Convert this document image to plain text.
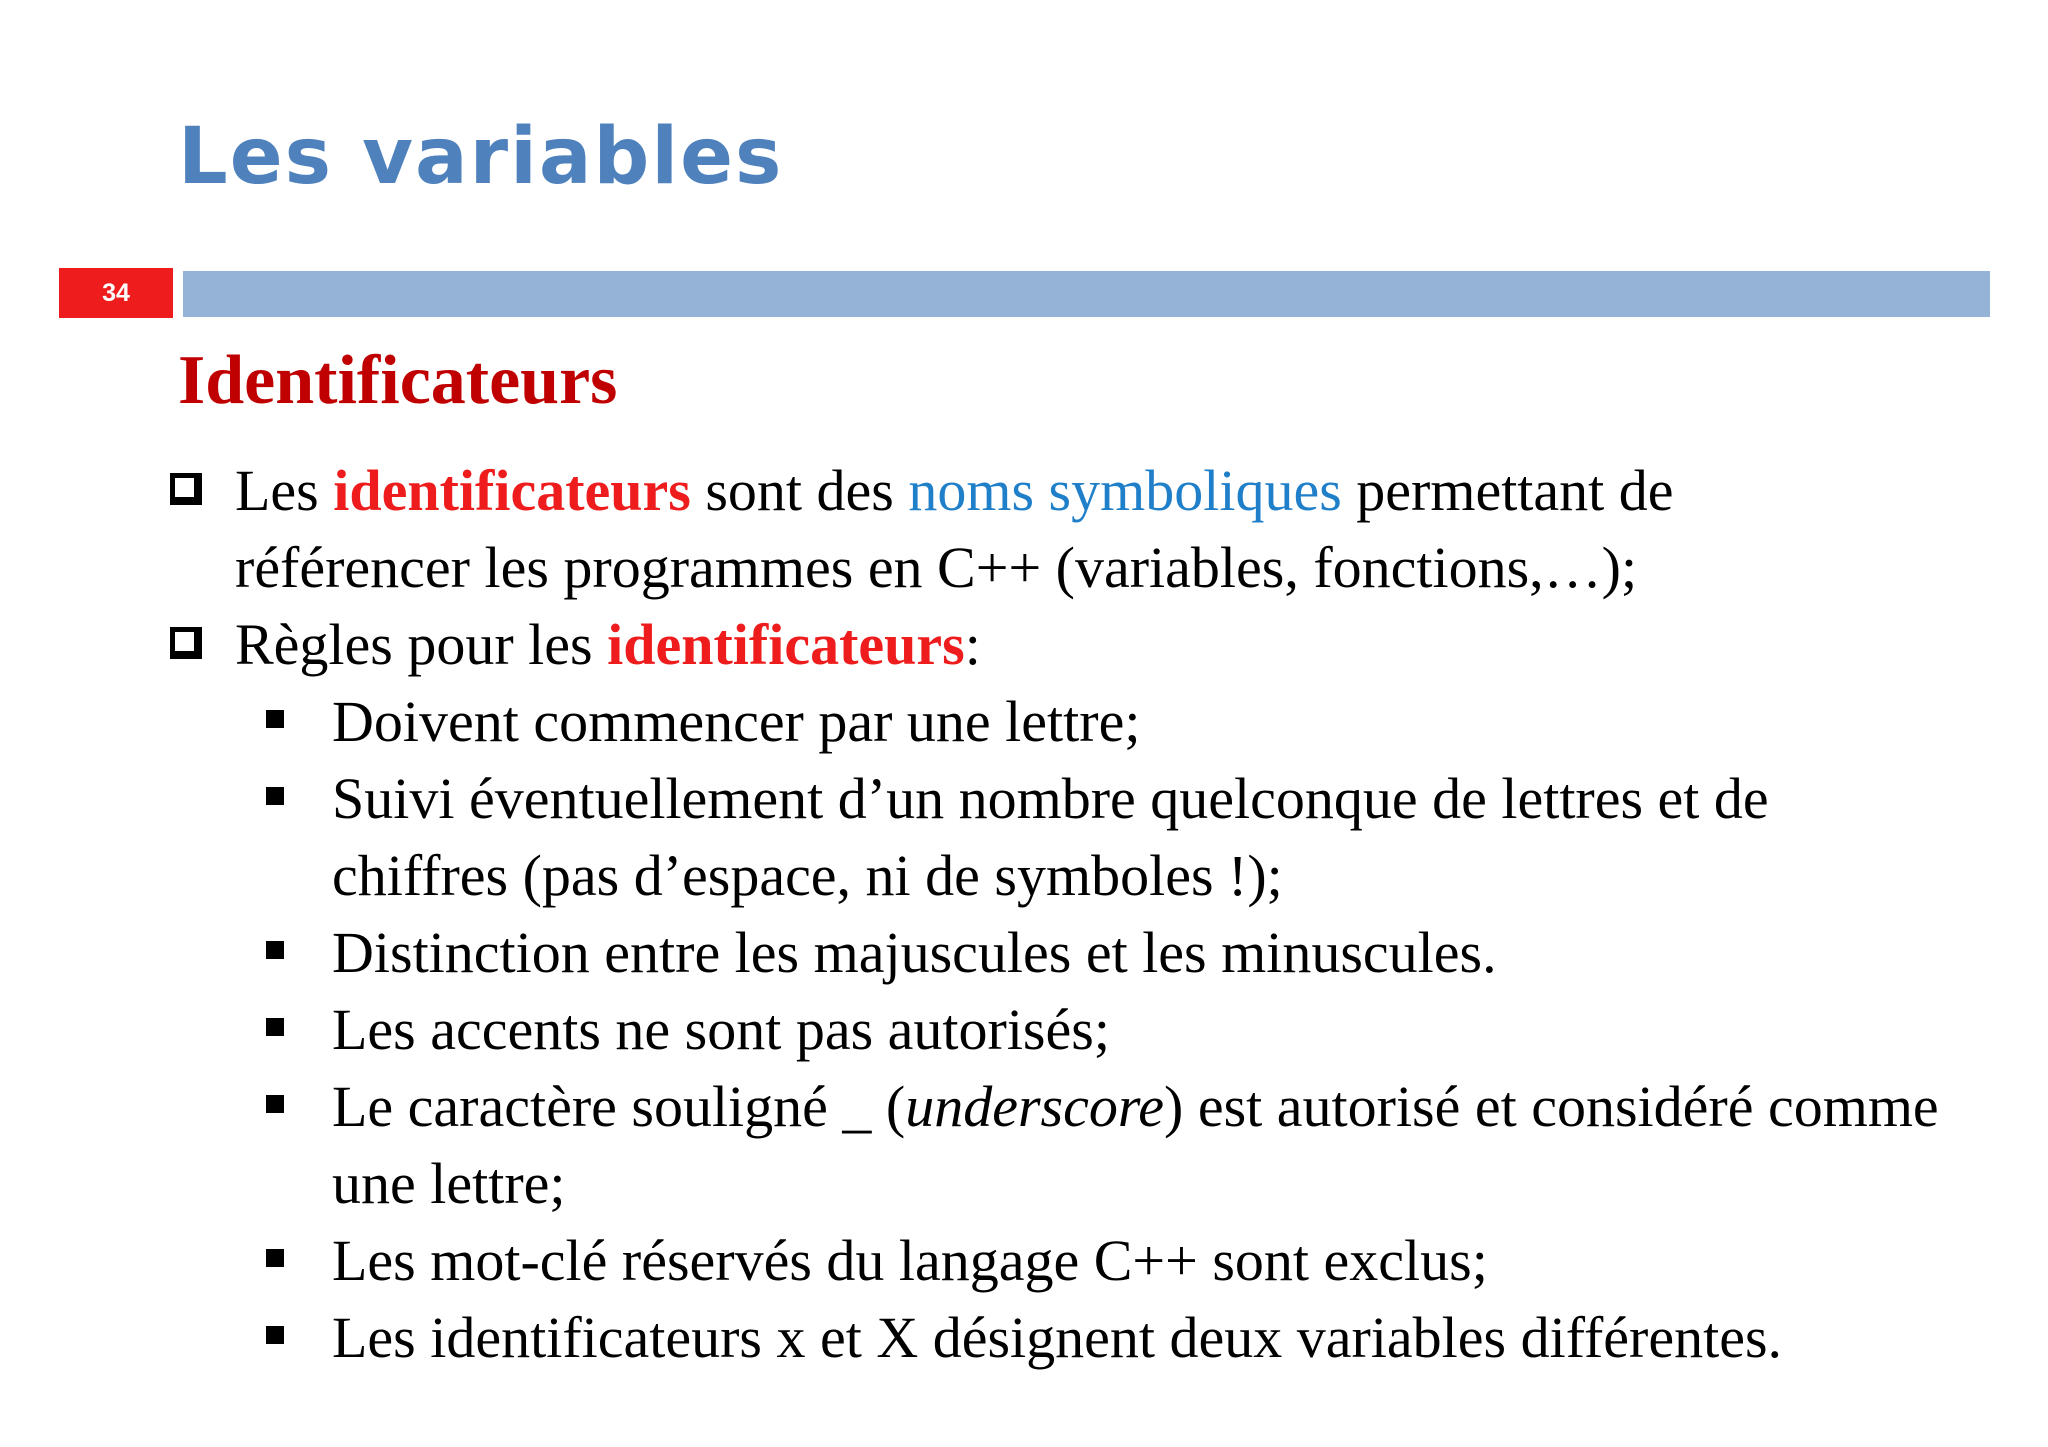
Les variables
34
Identificateurs
Les identificateurs sont des noms symboliques permettant de référencer les programmes en C++ (variables, fonctions,…);
Règles pour les identificateurs:
Doivent commencer par une lettre;
Suivi éventuellement d’un nombre quelconque de lettres et de chiffres (pas d’espace, ni de symboles !);
Distinction entre les majuscules et les minuscules.
Les accents ne sont pas autorisés;
Le caractère souligné _ (underscore) est autorisé et considéré comme une lettre;
Les mot-clé réservés du langage C++ sont exclus;
Les identificateurs x et X désignent deux variables différentes.
